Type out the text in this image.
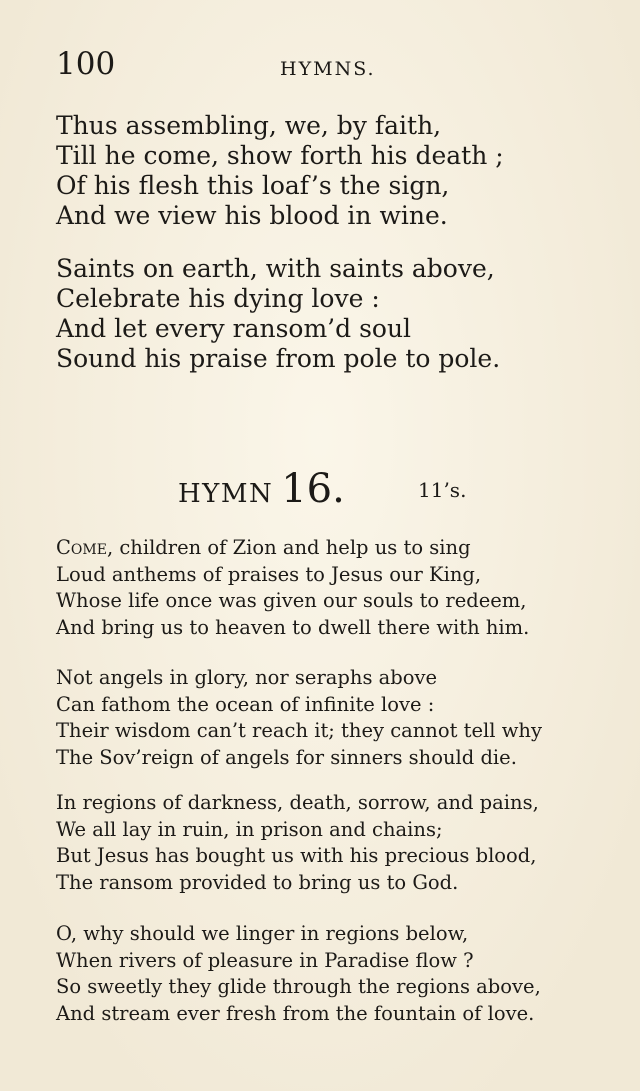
100	HYMNS.
Thus assembling, we, by faith,
Till he come, show forth his death ;
Of his flesh this loaf’s the sign,
And we view his blood in wine.
Saints on earth, with saints above,
Celebrate his dying love :
And let every ransom’d soul
Sound his praise from pole to pole.
HYMN 16.	11’s.
Come, children of Zion and help us to sing
Loud anthems of praises to Jesus our King,
Whose life once was given our souls to redeem,
And bring us to heaven to dwell there with him.
Not angels in glory, nor seraphs above
Can fathom the ocean of infinite love :
Their wisdom can’t reach it; they cannot tell why
The Sov’reign of angels for sinners should die.
In regions of darkness, death, sorrow, and pains,
We all lay in ruin, in prison and chains;
But Jesus has bought us with his precious blood,
The ransom provided to bring us to God.
O, why should we linger in regions below,
When rivers of pleasure in Paradise flow ?
So sweetly they glide through the regions above,
And stream ever fresh from the fountain of love.
